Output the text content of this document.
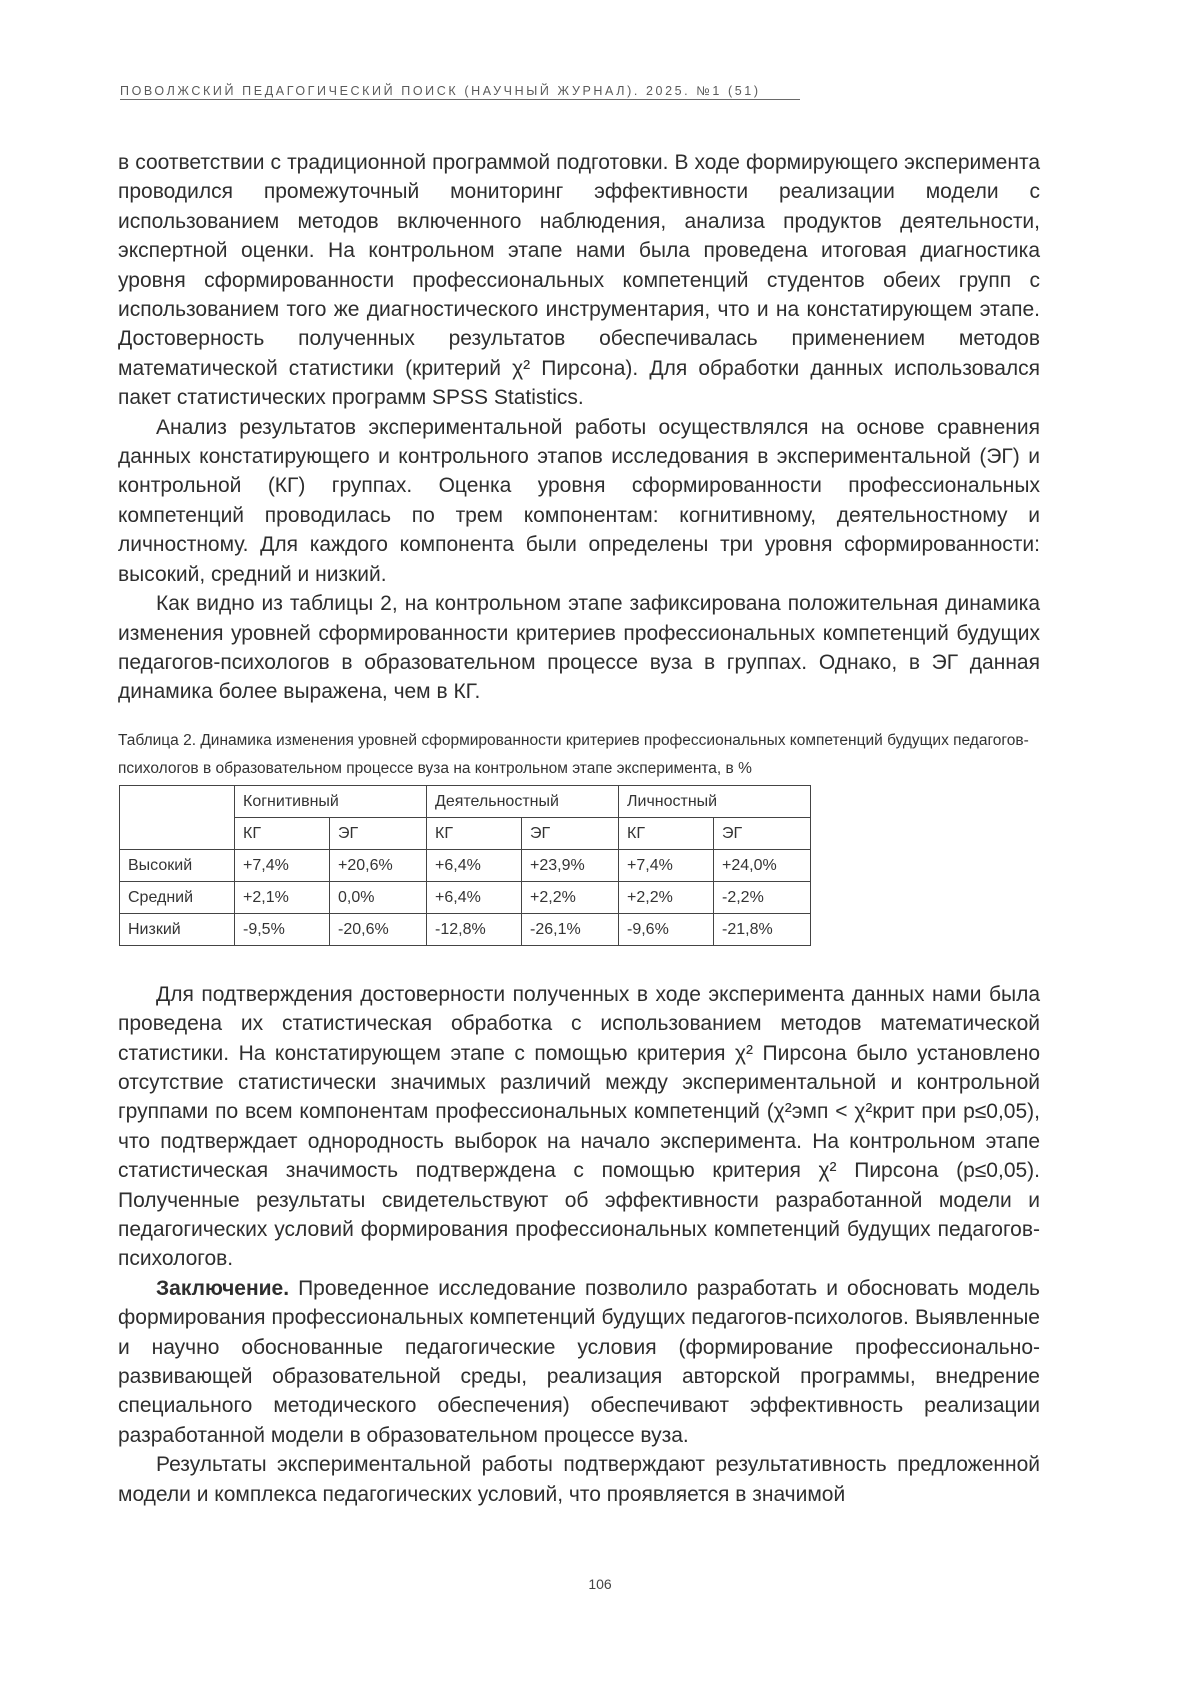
ПОВОЛЖСКИЙ ПЕДАГОГИЧЕСКИЙ ПОИСК (НАУЧНЫЙ ЖУРНАЛ). 2025. №1 (51)

в соответствии с традиционной программой подготовки. В ходе формирующего эксперимента проводился промежуточный мониторинг эффективности реализации модели с использованием методов включенного наблюдения, анализа продуктов деятельности, экспертной оценки. На контрольном этапе нами была проведена итоговая диагностика уровня сформированности профессиональных компетенций студентов обеих групп с использованием того же диагностического инструментария, что и на констатирующем этапе. Достоверность полученных результатов обеспечивалась применением методов математической статистики (критерий χ² Пирсона). Для обработки данных использовался пакет статистических программ SPSS Statistics.

Анализ результатов экспериментальной работы осуществлялся на основе сравнения данных констатирующего и контрольного этапов исследования в экспериментальной (ЭГ) и контрольной (КГ) группах. Оценка уровня сформированности профессиональных компетенций проводилась по трем компонентам: когнитивному, деятельностному и личностному. Для каждого компонента были определены три уровня сформированности: высокий, средний и низкий.

Как видно из таблицы 2, на контрольном этапе зафиксирована положительная динамика изменения уровней сформированности критериев профессиональных компетенций будущих педагогов-психологов в образовательном процессе вуза в группах. Однако, в ЭГ данная динамика более выражена, чем в КГ.

Таблица 2. Динамика изменения уровней сформированности критериев профессиональных компетенций будущих педагогов-психологов в образовательном процессе вуза на контрольном этапе эксперимента, в %

	Когнитивный		Деятельностный		Личностный	
	КГ	ЭГ	КГ	ЭГ	КГ	ЭГ
Высокий	+7,4%	+20,6%	+6,4%	+23,9%	+7,4%	+24,0%
Средний	+2,1%	0,0%	+6,4%	+2,2%	+2,2%	-2,2%
Низкий	-9,5%	-20,6%	-12,8%	-26,1%	-9,6%	-21,8%

Для подтверждения достоверности полученных в ходе эксперимента данных нами была проведена их статистическая обработка с использованием методов математической статистики. На констатирующем этапе с помощью критерия χ² Пирсона было установлено отсутствие статистически значимых различий между экспериментальной и контрольной группами по всем компонентам профессиональных компетенций (χ²эмп < χ²крит при p≤0,05), что подтверждает однородность выборок на начало эксперимента. На контрольном этапе статистическая значимость подтверждена с помощью критерия χ² Пирсона (p≤0,05). Полученные результаты свидетельствуют об эффективности разработанной модели и педагогических условий формирования профессиональных компетенций будущих педагогов-психологов.

Заключение. Проведенное исследование позволило разработать и обосновать модель формирования профессиональных компетенций будущих педагогов-психологов. Выявленные и научно обоснованные педагогические условия (формирование профессионально-развивающей образовательной среды, реализация авторской программы, внедрение специального методического обеспечения) обеспечивают эффективность реализации разработанной модели в образовательном процессе вуза.

Результаты экспериментальной работы подтверждают результативность предложенной модели и комплекса педагогических условий, что проявляется в значимой

106
